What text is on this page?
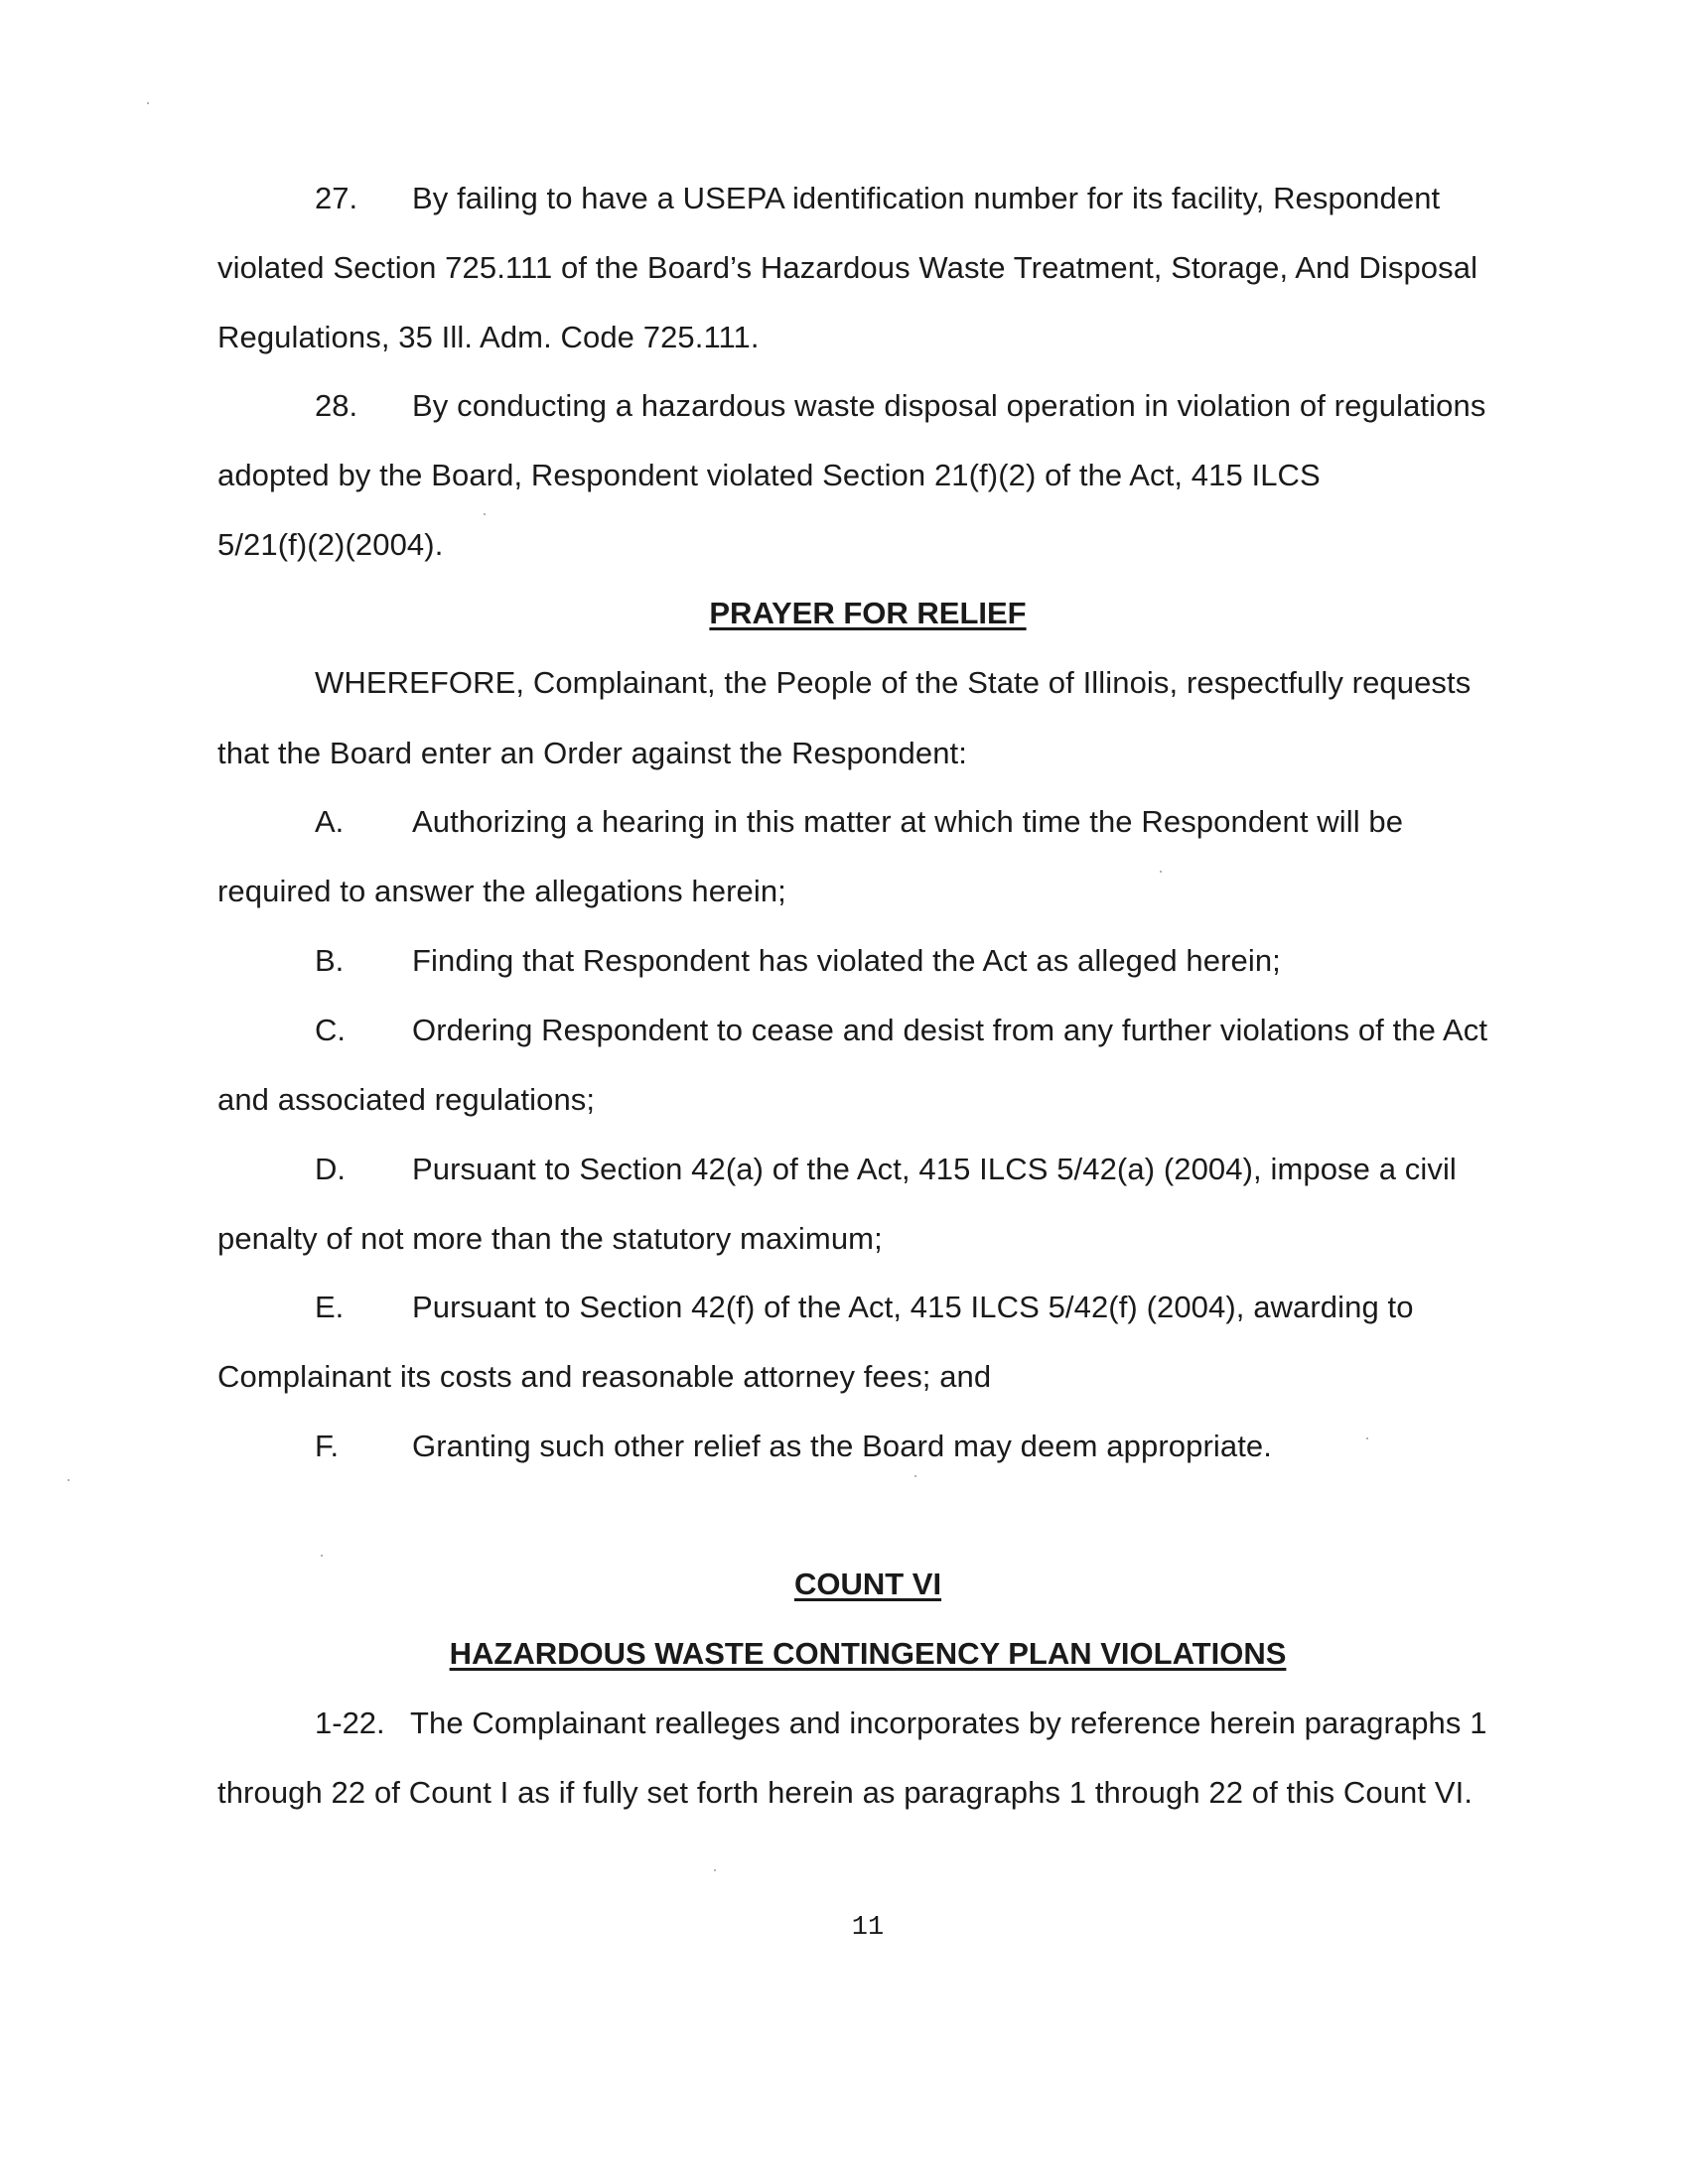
27. By failing to have a USEPA identification number for its facility, Respondent
violated Section 725.111 of the Board’s Hazardous Waste Treatment, Storage, And Disposal
Regulations, 35 Ill. Adm. Code 725.111.
28. By conducting a hazardous waste disposal operation in violation of regulations
adopted by the Board, Respondent violated Section 21(f)(2) of the Act, 415 ILCS
5/21(f)(2)(2004).
PRAYER FOR RELIEF
WHEREFORE, Complainant, the People of the State of Illinois, respectfully requests
that the Board enter an Order against the Respondent:
A. Authorizing a hearing in this matter at which time the Respondent will be
required to answer the allegations herein;
B. Finding that Respondent has violated the Act as alleged herein;
C. Ordering Respondent to cease and desist from any further violations of the Act
and associated regulations;
D. Pursuant to Section 42(a) of the Act, 415 ILCS 5/42(a) (2004), impose a civil
penalty of not more than the statutory maximum;
E. Pursuant to Section 42(f) of the Act, 415 ILCS 5/42(f) (2004), awarding to
Complainant its costs and reasonable attorney fees; and
F. Granting such other relief as the Board may deem appropriate.
COUNT VI
HAZARDOUS WASTE CONTINGENCY PLAN VIOLATIONS
1-22. The Complainant realleges and incorporates by reference herein paragraphs 1
through 22 of Count I as if fully set forth herein as paragraphs 1 through 22 of this Count VI.
11
